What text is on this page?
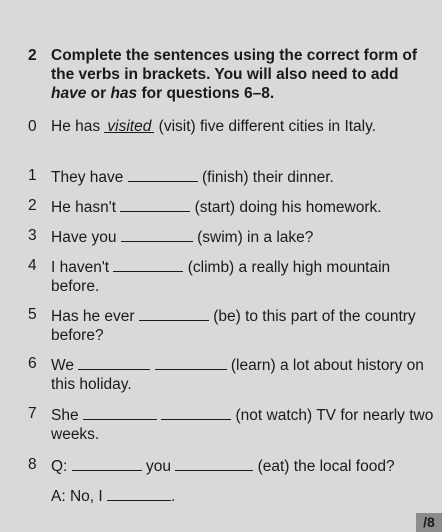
2 Complete the sentences using the correct form of the verbs in brackets. You will also need to add have or has for questions 6–8.
0 He has visited (visit) five different cities in Italy.
1 They have	(finish) their dinner.
2 He hasn't	(start) doing his homework.
3 Have you	(swim) in a lake?
4 I haven't	(climb) a really high mountain before.
5 Has he ever	(be) to this part of the country before?
6 We	(learn) a lot about history on this holiday.
7 She	(not watch) TV for nearly two weeks.
8 Q:	you	(eat) the local food?
A: No, I	.
/8
